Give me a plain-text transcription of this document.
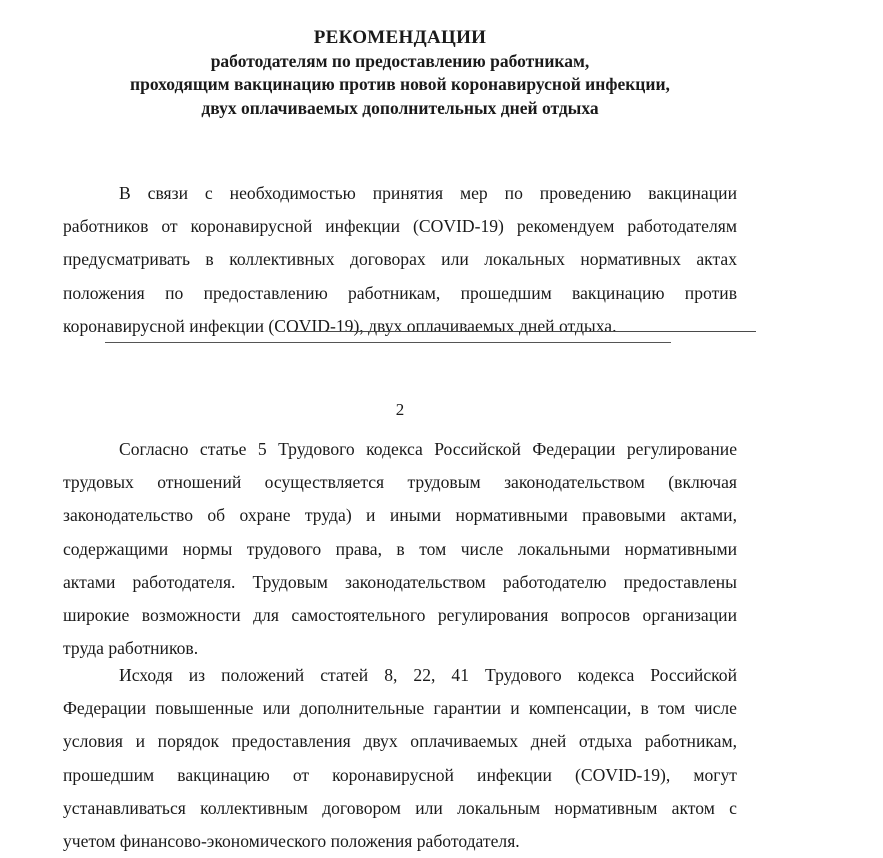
РЕКОМЕНДАЦИИ
работодателям по предоставлению работникам,
проходящим вакцинацию против новой коронавирусной инфекции,
двух оплачиваемых дополнительных дней отдыха
В связи с необходимостью принятия мер по проведению вакцинации
работников от коронавирусной инфекции (COVID-19) рекомендуем работодателям
предусматривать в коллективных договорах или локальных нормативных актах
положения по предоставлению работникам, прошедшим вакцинацию против
коронавирусной инфекции (COVID-19), двух оплачиваемых дней отдыха.
2
Согласно статье 5 Трудового кодекса Российской Федерации регулирование
трудовых отношений осуществляется трудовым законодательством (включая
законодательство об охране труда) и иными нормативными правовыми актами,
содержащими нормы трудового права, в том числе локальными нормативными
актами работодателя. Трудовым законодательством работодателю предоставлены
широкие возможности для самостоятельного регулирования вопросов организации
труда работников.
Исходя из положений статей 8, 22, 41 Трудового кодекса Российской
Федерации повышенные или дополнительные гарантии и компенсации, в том числе
условия и порядок предоставления двух оплачиваемых дней отдыха работникам,
прошедшим вакцинацию от коронавирусной инфекции (COVID-19), могут
устанавливаться коллективным договором или локальным нормативным актом с
учетом финансово-экономического положения работодателя.
